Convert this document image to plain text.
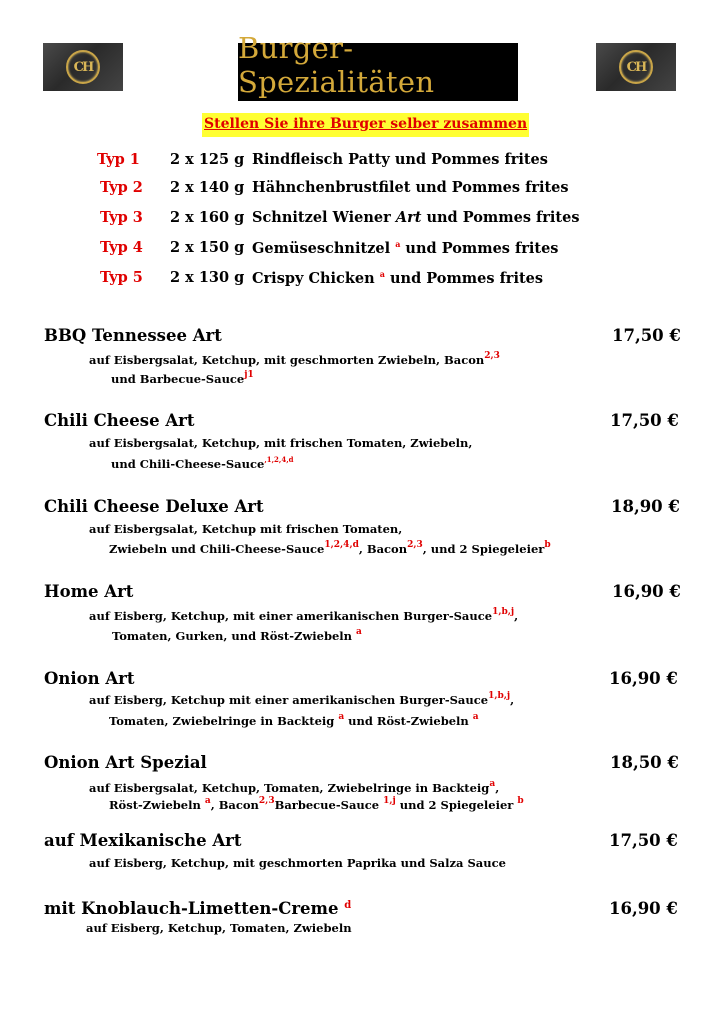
CH
Burger-Spezialitäten	CH
Stellen Sie ihre Burger selber zusammen
Typ 1 2 x 125 g Rindfleisch Patty und Pommes frites
Typ 2 2 x 140 g Hähnchenbrustfilet und Pommes frites
Typ 3 2 x 160 g Schnitzel Wiener Art und Pommes frites
Typ 4 2 x 150 g Gemüseschnitzel $^a$ und Pommes frites
Typ 5 2 x 130 g Crispy Chicken $^a$ und Pommes frites
BBQ Tennessee Art	17,50 €
auf Eisbergsalat, Ketchup, mit geschmorten Zwiebeln, Bacon$^{2,3}$
und Barbecue-Sauce$^{j1}$
Chili Cheese Art	17,50 €
auf Eisbergsalat, Ketchup, mit frischen Tomaten, Zwiebeln,
und Chili-Cheese-Sauce$^{,1,2,4,d}$
Chili Cheese Deluxe Art	18,90 €
auf Eisbergsalat, Ketchup mit frischen Tomaten,
Zwiebeln und Chili-Cheese-Sauce$^{1,2,4,d}$, Bacon$^{2,3}$, und 2 Spiegeleier$^b$
Home Art	16,90 €
auf Eisberg, Ketchup, mit einer amerikanischen Burger-Sauce$^{1,b,j}$,
Tomaten, Gurken, und Röst-Zwiebeln $^a$
Onion Art	16,90 €
auf Eisberg, Ketchup mit einer amerikanischen Burger-Sauce$^{1,b,j}$,
Tomaten, Zwiebelringe in Backteig $^a$ und Röst-Zwiebeln $^a$
Onion Art Spezial	18,50 €
auf Eisbergsalat, Ketchup, Tomaten, Zwiebelringe in Backteig$^a$,
Röst-Zwiebeln $^a$, Bacon$^{2,3}$Barbecue-Sauce $^{1,j}$ und 2 Spiegeleier $^b$
auf Mexikanische Art	17,50 €
auf Eisberg, Ketchup, mit geschmorten Paprika und Salza Sauce
mit Knoblauch-Limetten-Creme $^d$	16,90 €
auf Eisberg, Ketchup, Tomaten, Zwiebeln
